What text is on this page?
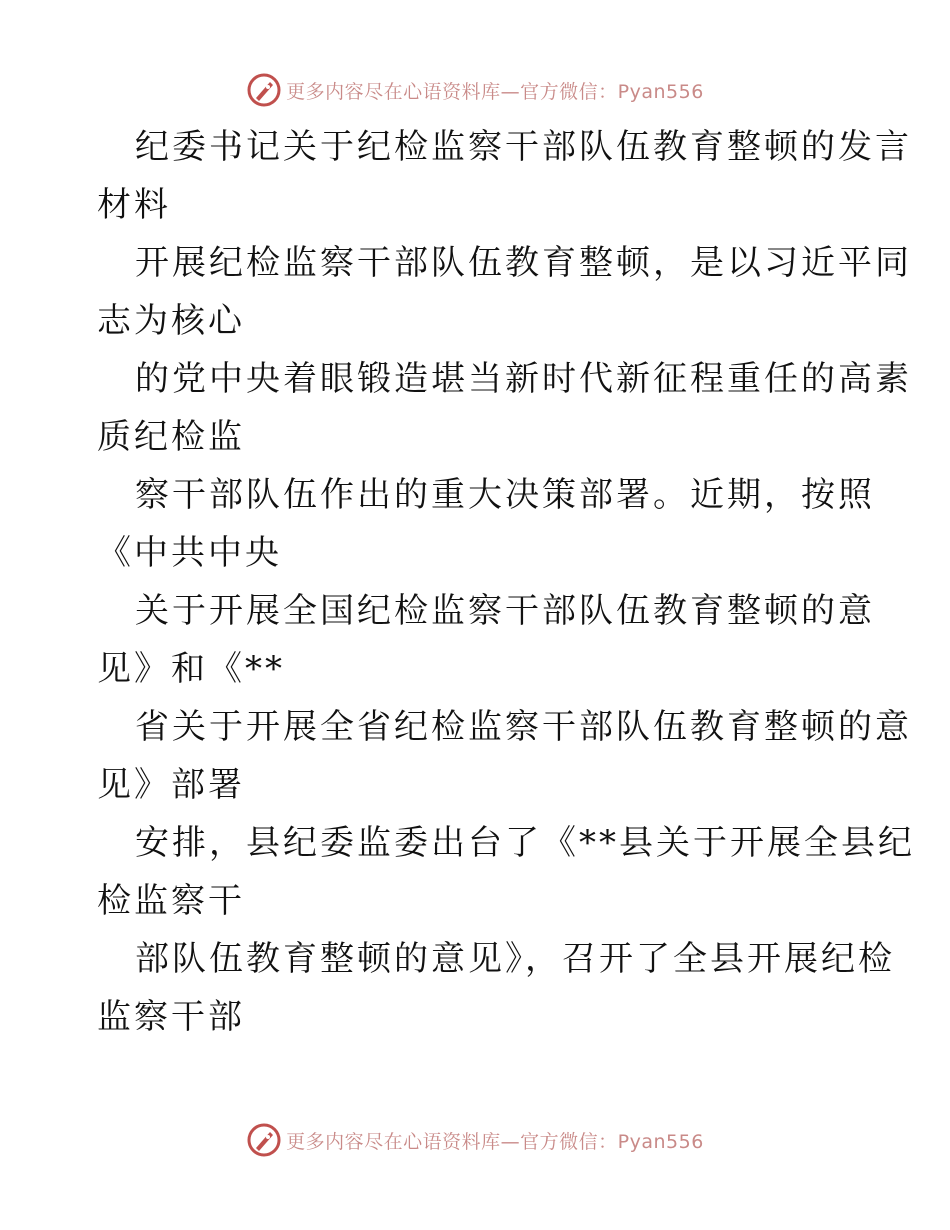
更多内容尽在心语资料库—官方微信：Pyan556

纪委书记关于纪检监察干部队伍教育整顿的发言
材料

开展纪检监察干部队伍教育整顿，是以习近平同
志为核心

的党中央着眼锻造堪当新时代新征程重任的高素
质纪检监

察干部队伍作出的重大决策部署。近期，按照
《中共中央

关于开展全国纪检监察干部队伍教育整顿的意
见》和《**

省关于开展全省纪检监察干部队伍教育整顿的意
见》部署

安排，县纪委监委出台了《**县关于开展全县纪
检监察干

部队伍教育整顿的意见》，召开了全县开展纪检
监察干部

更多内容尽在心语资料库—官方微信：Pyan556
